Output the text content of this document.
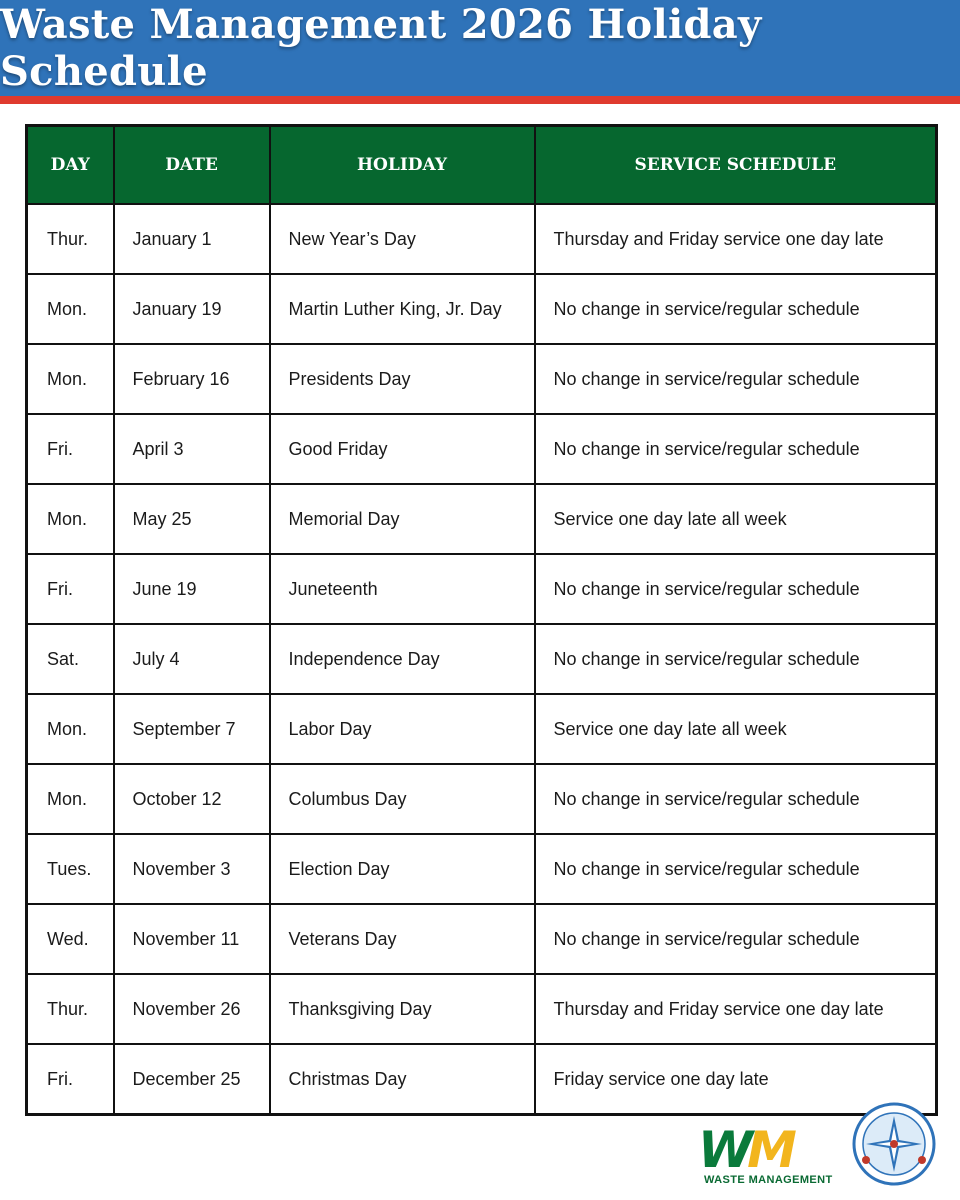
Waste Management 2026 Holiday Schedule
DAY	DATE	HOLIDAY	SERVICE SCHEDULE
Thur.	January 1	New Year’s Day	Thursday and Friday service one day late
Mon.	January 19	Martin Luther King, Jr. Day	No change in service/regular schedule
Mon.	February 16	Presidents Day	No change in service/regular schedule
Fri.	April 3	Good Friday	No change in service/regular schedule
Mon.	May 25	Memorial Day	Service one day late all week
Fri.	June 19	Juneteenth	No change in service/regular schedule
Sat.	July 4	Independence Day	No change in service/regular schedule
Mon.	September 7	Labor Day	Service one day late all week
Mon.	October 12	Columbus Day	No change in service/regular schedule
Tues.	November 3	Election Day	No change in service/regular schedule
Wed.	November 11	Veterans Day	No change in service/regular schedule
Thur.	November 26	Thanksgiving Day	Thursday and Friday service one day late
Fri.	December 25	Christmas Day	Friday service one day late
WM
WASTE MANAGEMENT
